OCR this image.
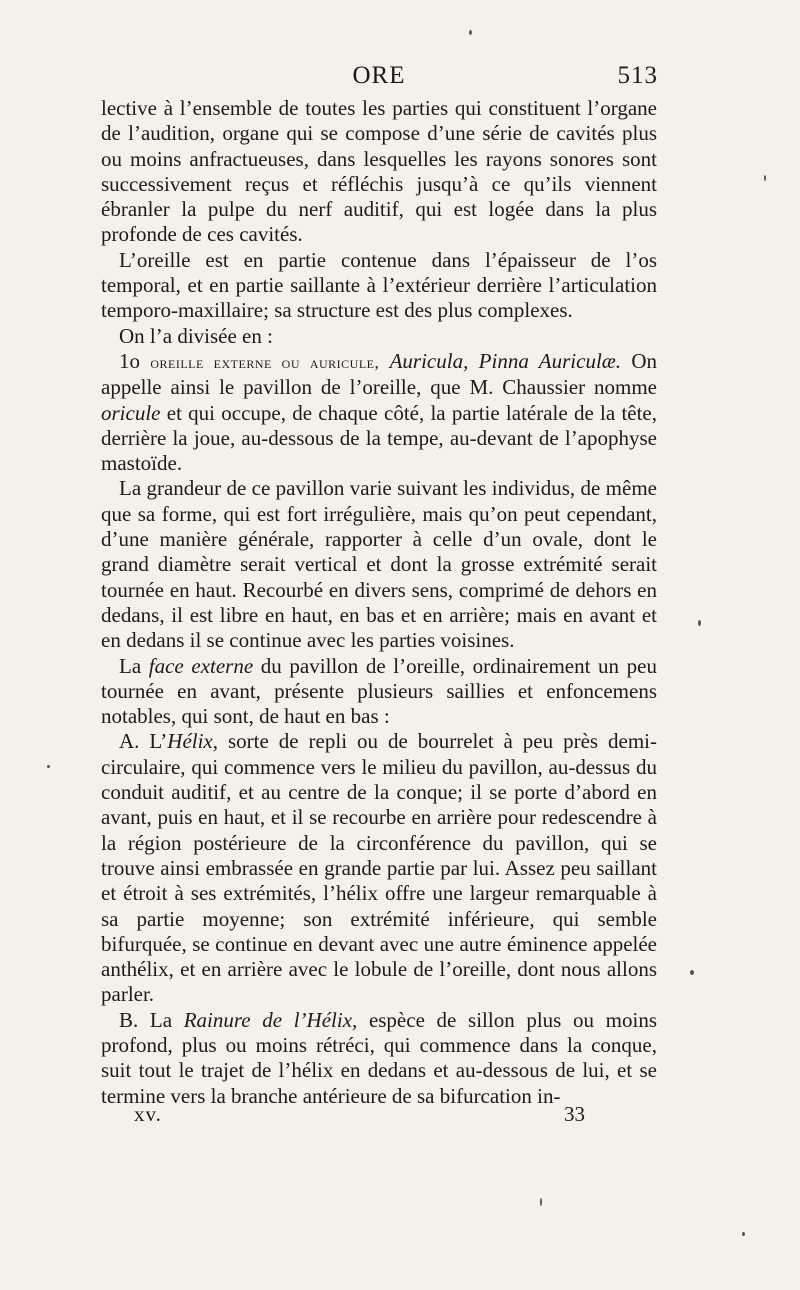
ORE	513

lective à l’ensemble de toutes les parties qui constituent l’organe de l’audition, organe qui se compose d’une série de cavités plus ou moins anfractueuses, dans lesquelles les rayons sonores sont successivement reçus et réfléchis jusqu’à ce qu’ils viennent ébranler la pulpe du nerf auditif, qui est logée dans la plus profonde de ces cavités.

L’oreille est en partie contenue dans l’épaisseur de l’os temporal, et en partie saillante à l’extérieur derrière l’articulation temporo-maxillaire; sa structure est des plus complexes.

On l’a divisée en :

1o oreille externe ou auricule, Auricula, Pinna Auriculæ. On appelle ainsi le pavillon de l’oreille, que M. Chaussier nomme oricule et qui occupe, de chaque côté, la partie latérale de la tête, derrière la joue, au-dessous de la tempe, au-devant de l’apophyse mastoïde.

La grandeur de ce pavillon varie suivant les individus, de même que sa forme, qui est fort irrégulière, mais qu’on peut cependant, d’une manière générale, rapporter à celle d’un ovale, dont le grand diamètre serait vertical et dont la grosse extrémité serait tournée en haut. Recourbé en divers sens, comprimé de dehors en dedans, il est libre en haut, en bas et en arrière; mais en avant et en dedans il se continue avec les parties voisines.

La face externe du pavillon de l’oreille, ordinairement un peu tournée en avant, présente plusieurs saillies et enfoncemens notables, qui sont, de haut en bas :

A. L’Hélix, sorte de repli ou de bourrelet à peu près demi-circulaire, qui commence vers le milieu du pavillon, au-dessus du conduit auditif, et au centre de la conque; il se porte d’abord en avant, puis en haut, et il se recourbe en arrière pour redescendre à la région postérieure de la circonférence du pavillon, qui se trouve ainsi embrassée en grande partie par lui. Assez peu saillant et étroit à ses extrémités, l’hélix offre une largeur remarquable à sa partie moyenne; son extrémité inférieure, qui semble bifurquée, se continue en devant avec une autre éminence appelée anthélix, et en arrière avec le lobule de l’oreille, dont nous allons parler.

B. La Rainure de l’Hélix, espèce de sillon plus ou moins profond, plus ou moins rétréci, qui commence dans la conque, suit tout le trajet de l’hélix en dedans et au-dessous de lui, et se termine vers la branche antérieure de sa bifurcation in-

xv.	33
